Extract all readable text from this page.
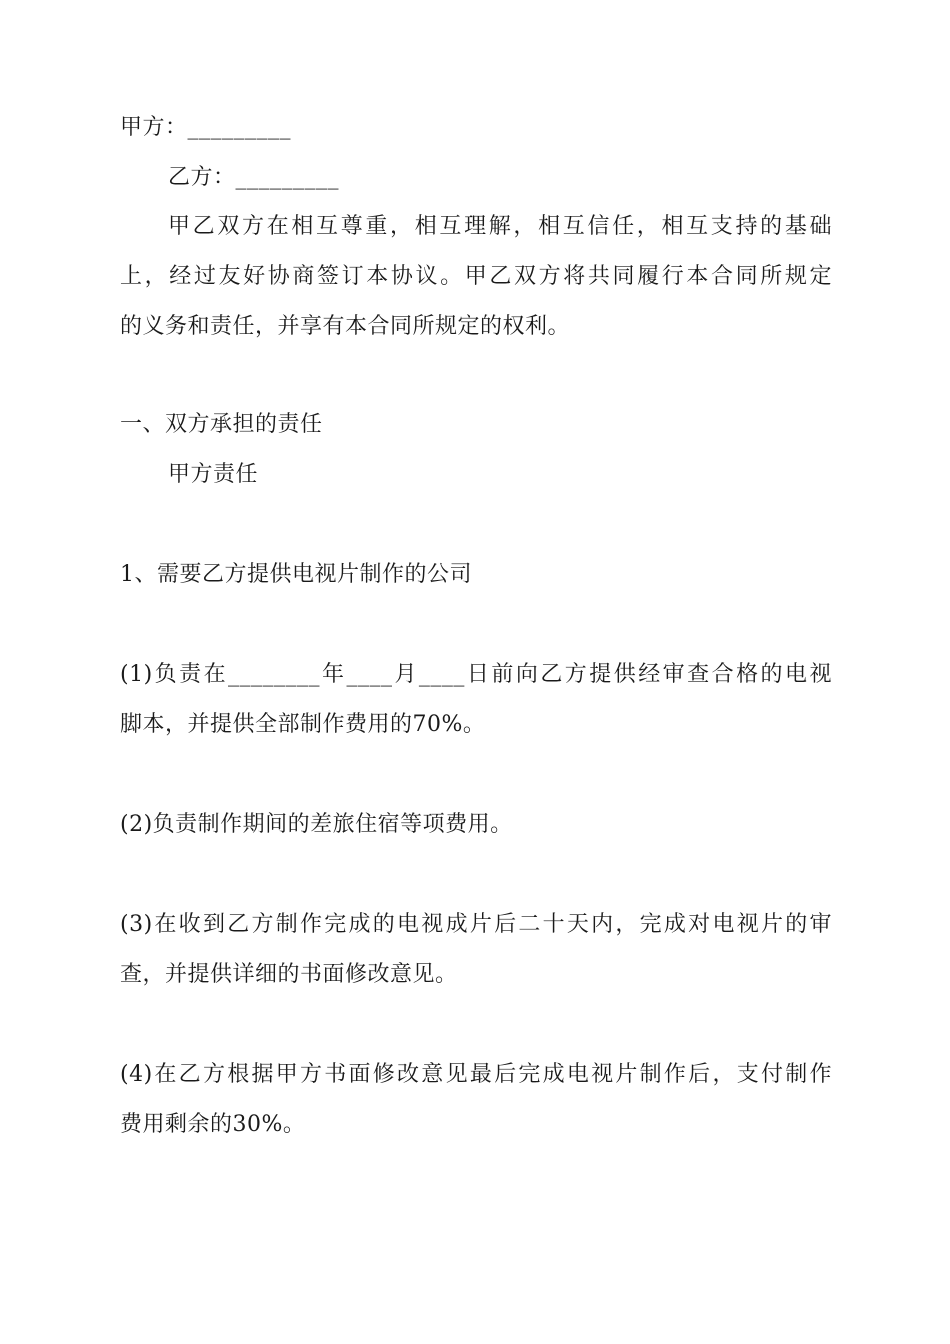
甲方：_________
乙方：_________
甲乙双方在相互尊重，相互理解，相互信任，相互支持的基础
上，经过友好协商签订本协议。甲乙双方将共同履行本合同所规定
的义务和责任，并享有本合同所规定的权利。
一、双方承担的责任
甲方责任
1、需要乙方提供电视片制作的公司
(1)负责在________年____月____日前向乙方提供经审查合格的电视
脚本，并提供全部制作费用的70%。
(2)负责制作期间的差旅住宿等项费用。
(3)在收到乙方制作完成的电视成片后二十天内，完成对电视片的审
查，并提供详细的书面修改意见。
(4)在乙方根据甲方书面修改意见最后完成电视片制作后，支付制作
费用剩余的30%。
